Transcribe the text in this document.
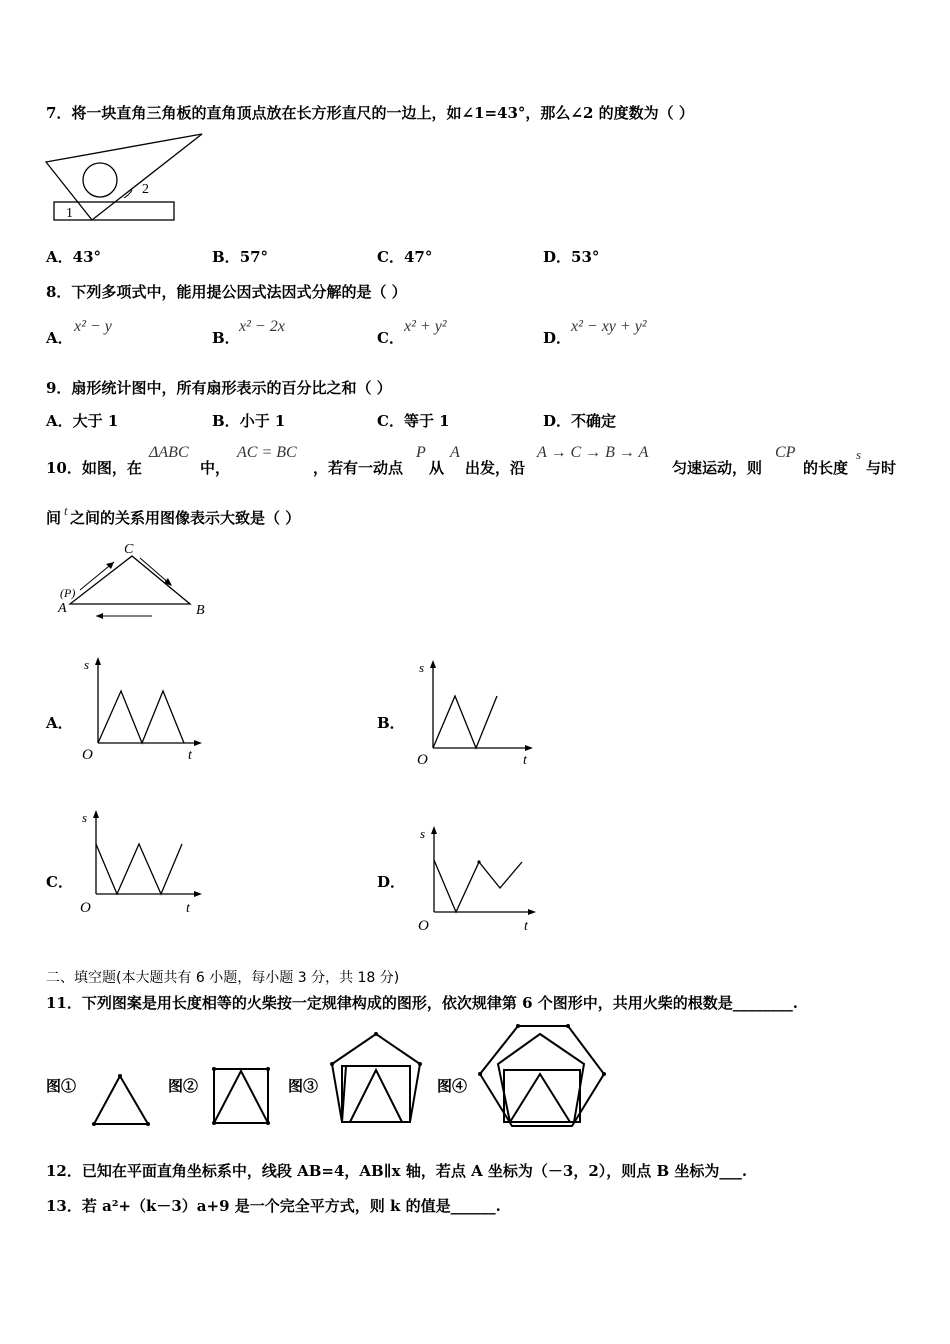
7．将一块直角三角板的直角顶点放在长方形直尺的一边上，如∠1=43°，那么∠2 的度数为（ ）
2
1
A．43°	B．57°	C．47°	D．53°
8．下列多项式中，能用提公因式法因式分解的是（ ）
A．
x² − y
B．
x² − 2x
C．
x² + y²
D．
x² − xy + y²
9．扇形统计图中，所有扇形表示的百分比之和（ ）
A．大于 1	B．小于 1	C．等于 1	D．不确定
10．如图，在
ΔABC
中，
AC = BC
，若有一动点
P
从
A
出发，沿
A → C → B → A
匀速运动，则
CP
的长度
s
与时
间 t 之间的关系用图像表示大致是（ ）
C
(P)
A	B
A．
s
O	t
B．
s
O	t
C．
s
O	t
D．
s
O	t
二、填空题(本大题共有 6 小题，每小题 3 分，共 18 分)
11．下列图案是用长度相等的火柴按一定规律构成的图形，依次规律第 6 个图形中，共用火柴的根数是________.
图①	图②	图③	图④
12．已知在平面直角坐标系中，线段 AB=4，AB∥x 轴，若点 A 坐标为（－3，2），则点 B 坐标为___.
13．若 a²+（k－3）a+9 是一个完全平方式，则 k 的值是______.
